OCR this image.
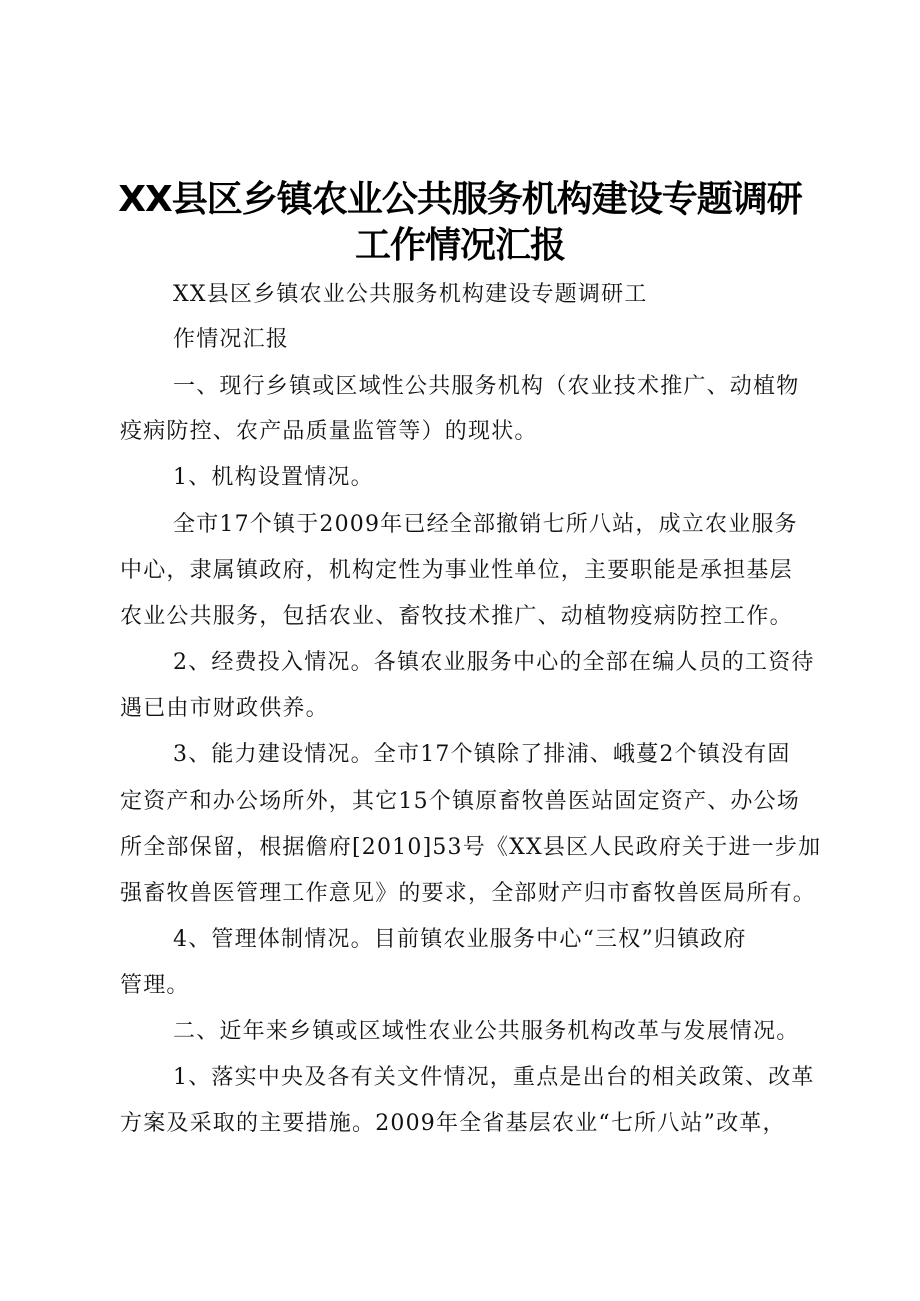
XX县区乡镇农业公共服务机构建设专题调研
工作情况汇报

XX县区乡镇农业公共服务机构建设专题调研工

作情况汇报

一、现行乡镇或区域性公共服务机构（农业技术推广、动植物

疫病防控、农产品质量监管等）的现状。

1、机构设置情况。

全市17个镇于2009年已经全部撤销七所八站，成立农业服务

中心，隶属镇政府，机构定性为事业性单位，主要职能是承担基层

农业公共服务，包括农业、畜牧技术推广、动植物疫病防控工作。

2、经费投入情况。各镇农业服务中心的全部在编人员的工资待

遇已由市财政供养。

3、能力建设情况。全市17个镇除了排浦、峨蔓2个镇没有固

定资产和办公场所外，其它15个镇原畜牧兽医站固定资产、办公场

所全部保留，根据儋府[2010]53号《XX县区人民政府关于进一步加

强畜牧兽医管理工作意见》的要求，全部财产归市畜牧兽医局所有。

4、管理体制情况。目前镇农业服务中心“三权”归镇政府

管理。

二、近年来乡镇或区域性农业公共服务机构改革与发展情况。

1、落实中央及各有关文件情况，重点是出台的相关政策、改革

方案及采取的主要措施。2009年全省基层农业“七所八站”改革，
